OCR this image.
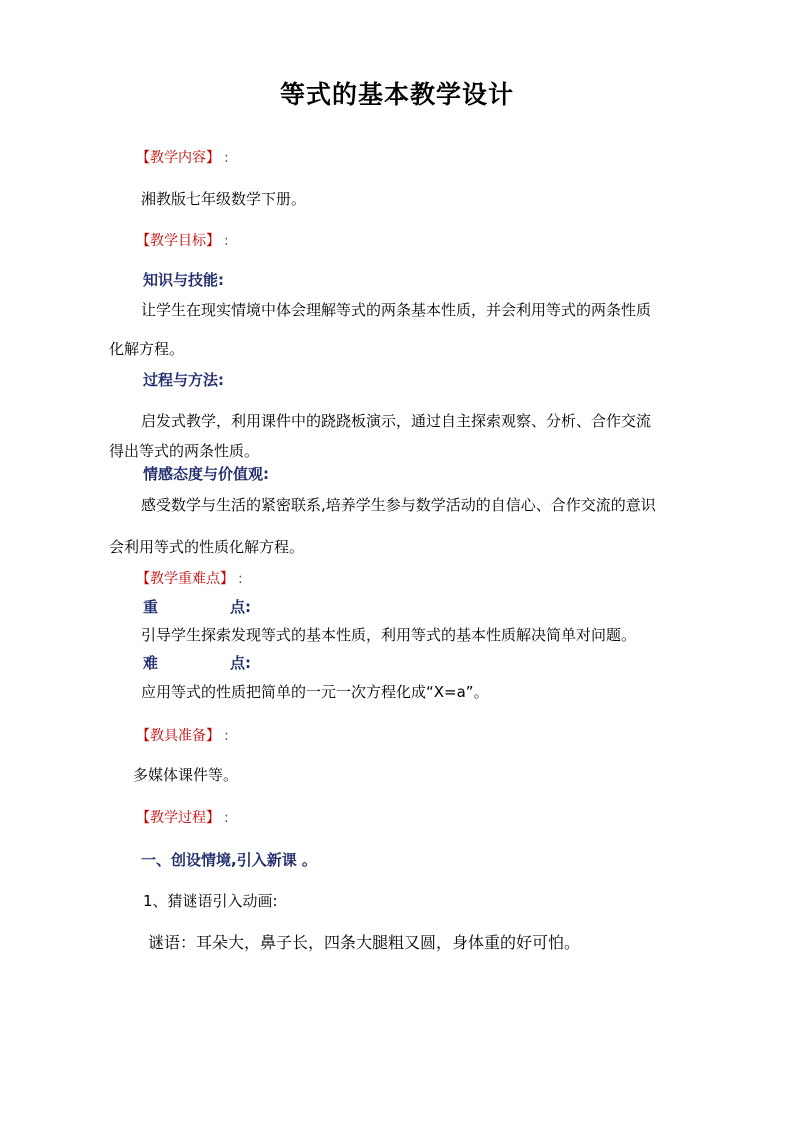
等式的基本教学设计
【教学内容】 :
湘教版七年级数学下册。
【教学目标】 :
知识与技能:
让学生在现实情境中体会理解等式的两条基本性质，并会利用等式的两条性质
化解方程。
过程与方法:
启发式教学，利用课件中的跷跷板演示，通过自主探索观察、分析、合作交流
得出等式的两条性质。
情感态度与价值观:
感受数学与生活的紧密联系,培养学生参与数学活动的自信心、合作交流的意识
会利用等式的性质化解方程。
【教学重难点】 :
重	点:
引导学生探索发现等式的基本性质，利用等式的基本性质解决简单对问题。
难	点:
应用等式的性质把简单的一元一次方程化成“X=a”。
【教具准备】 :
多媒体课件等。
【教学过程】 :
一、创设情境,引入新课 。
1、猜谜语引入动画:
谜语：耳朵大，鼻子长，四条大腿粗又圆，身体重的好可怕。
